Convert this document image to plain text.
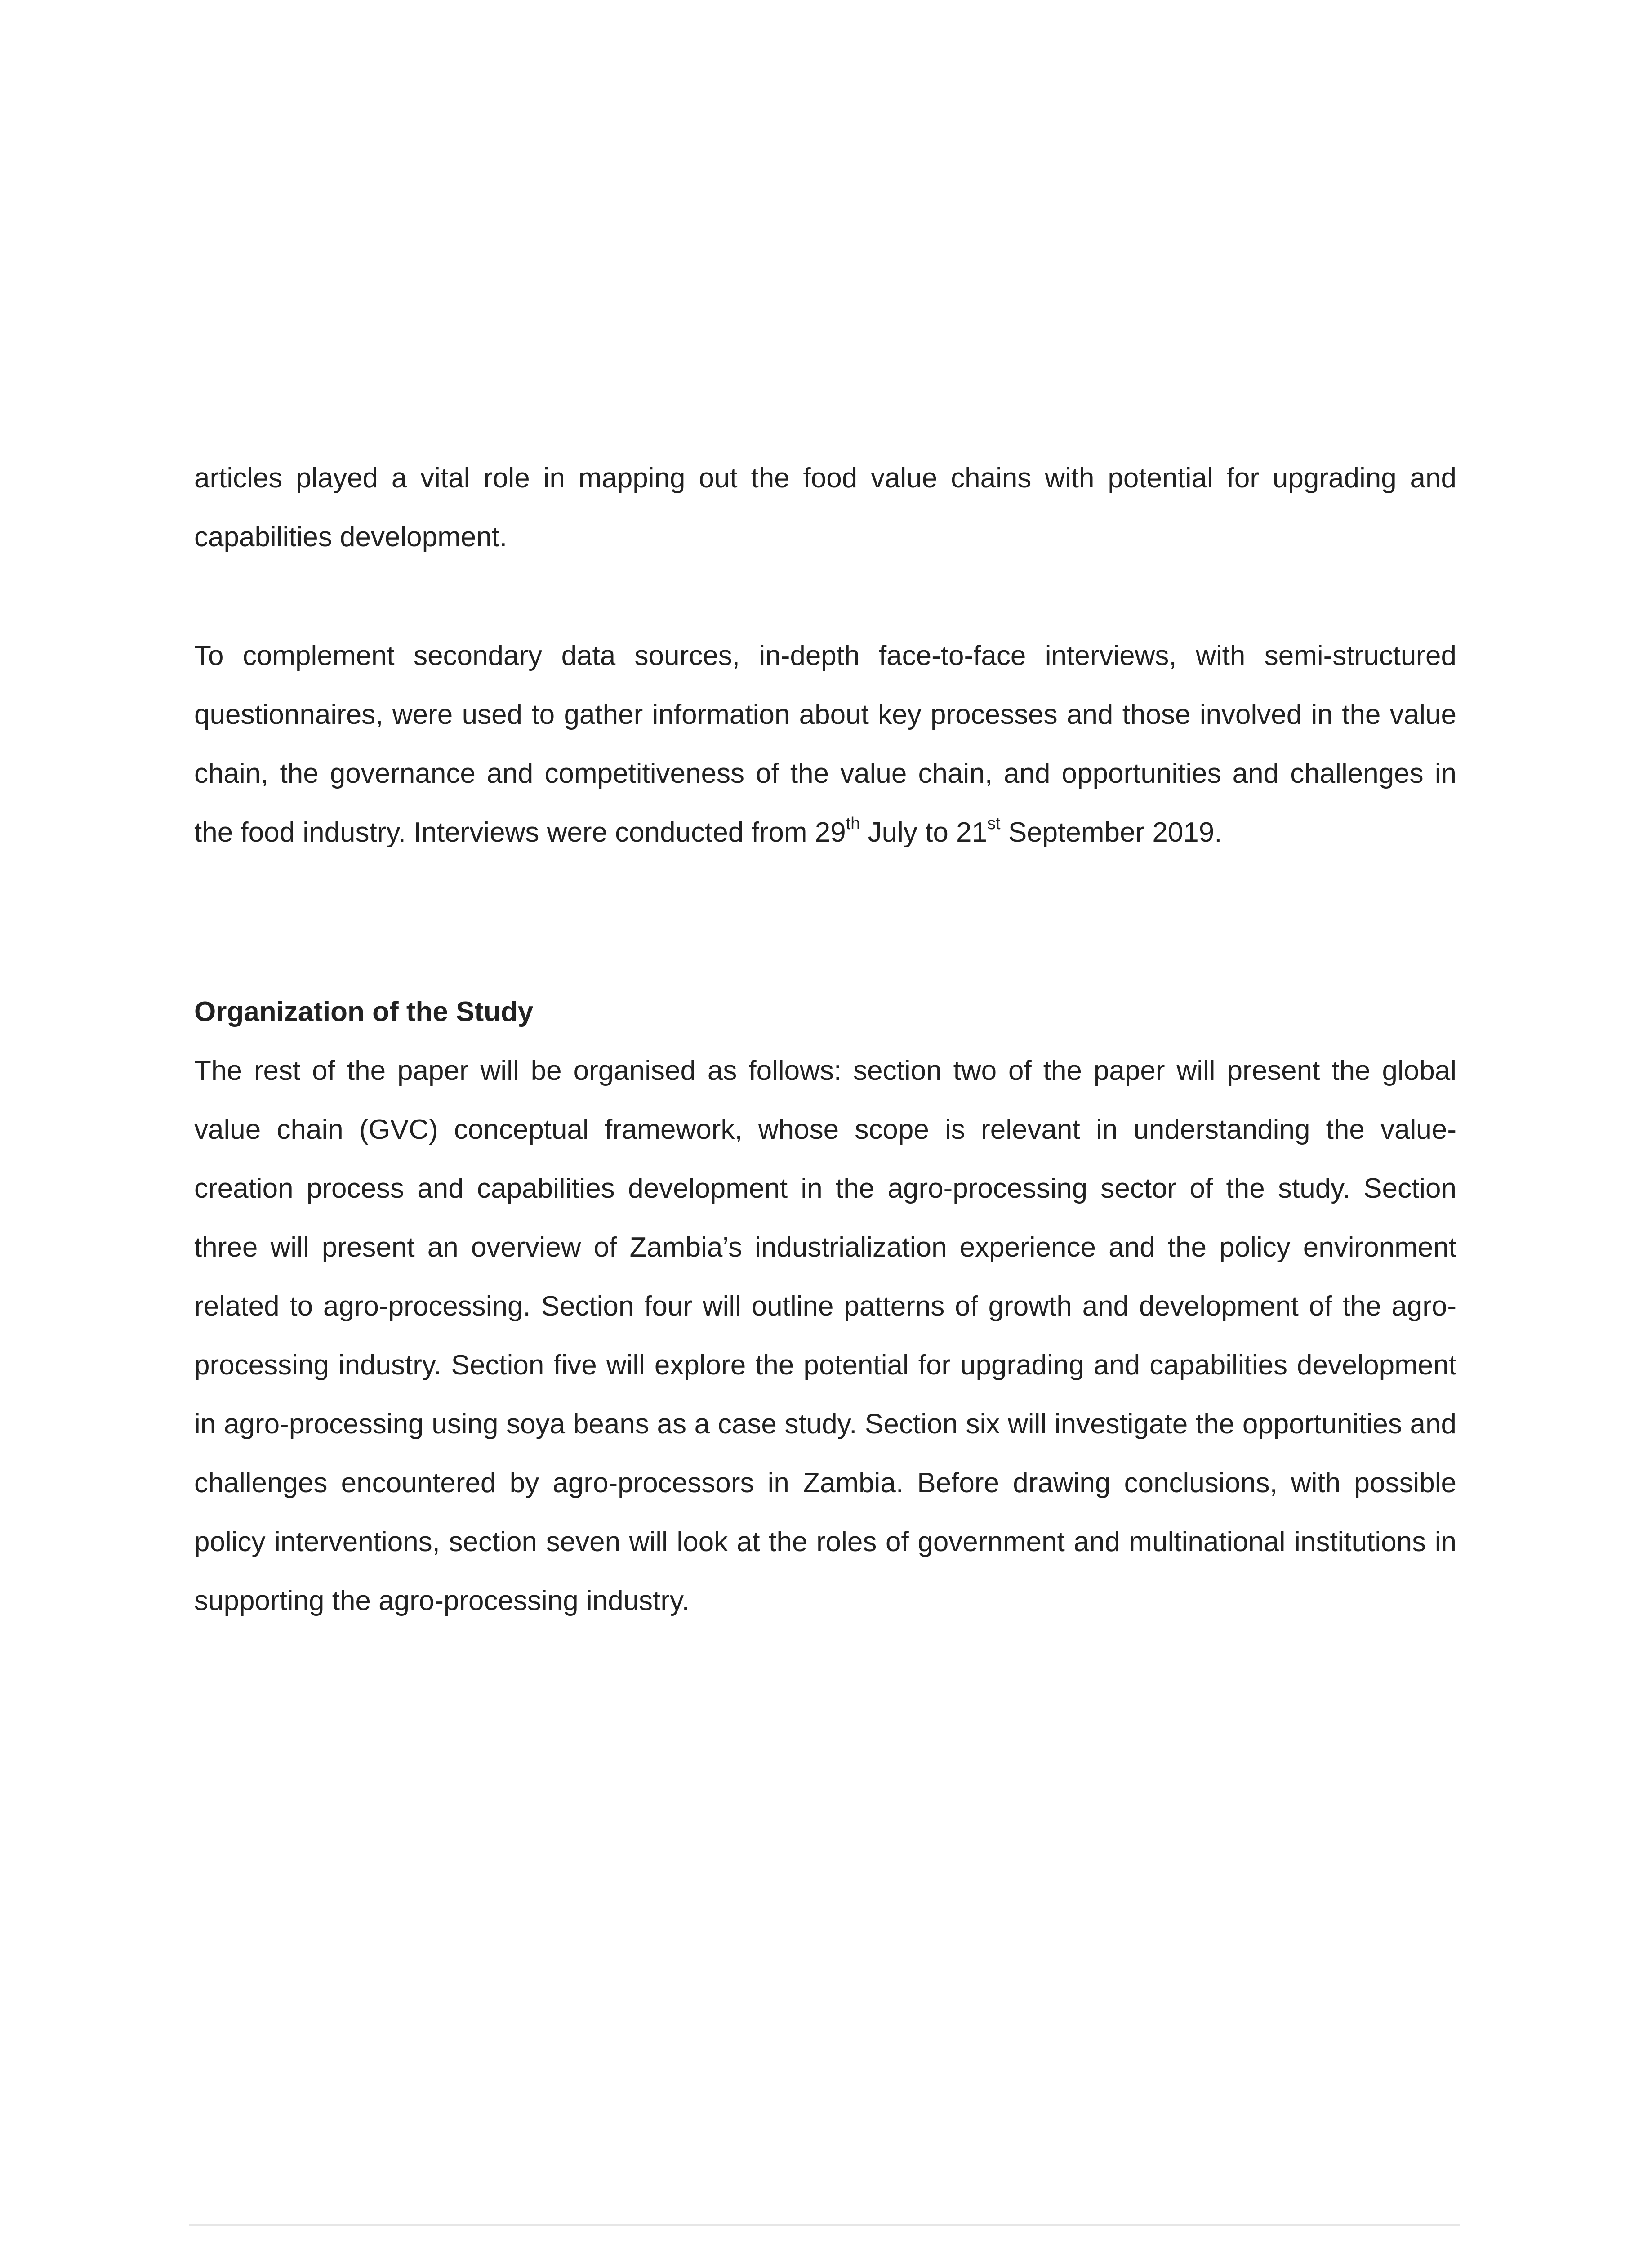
articles played a vital role in mapping out the food value chains with potential for upgrading and capabilities development.

To complement secondary data sources, in-depth face-to-face interviews, with semi-structured questionnaires, were used to gather information about key processes and those involved in the value chain, the governance and competitiveness of the value chain, and opportunities and challenges in the food industry. Interviews were conducted from 29th July to 21st September 2019.

Organization of the Study

The rest of the paper will be organised as follows: section two of the paper will present the global value chain (GVC) conceptual framework, whose scope is relevant in understanding the value-creation process and capabilities development in the agro-processing sector of the study. Section three will present an overview of Zambia’s industrialization experience and the policy environment related to agro-processing. Section four will outline patterns of growth and development of the agro-processing industry. Section five will explore the potential for upgrading and capabilities development in agro-processing using soya beans as a case study. Section six will investigate the opportunities and challenges encountered by agro-processors in Zambia. Before drawing conclusions, with possible policy interventions, section seven will look at the roles of government and multinational institutions in supporting the agro-processing industry.
